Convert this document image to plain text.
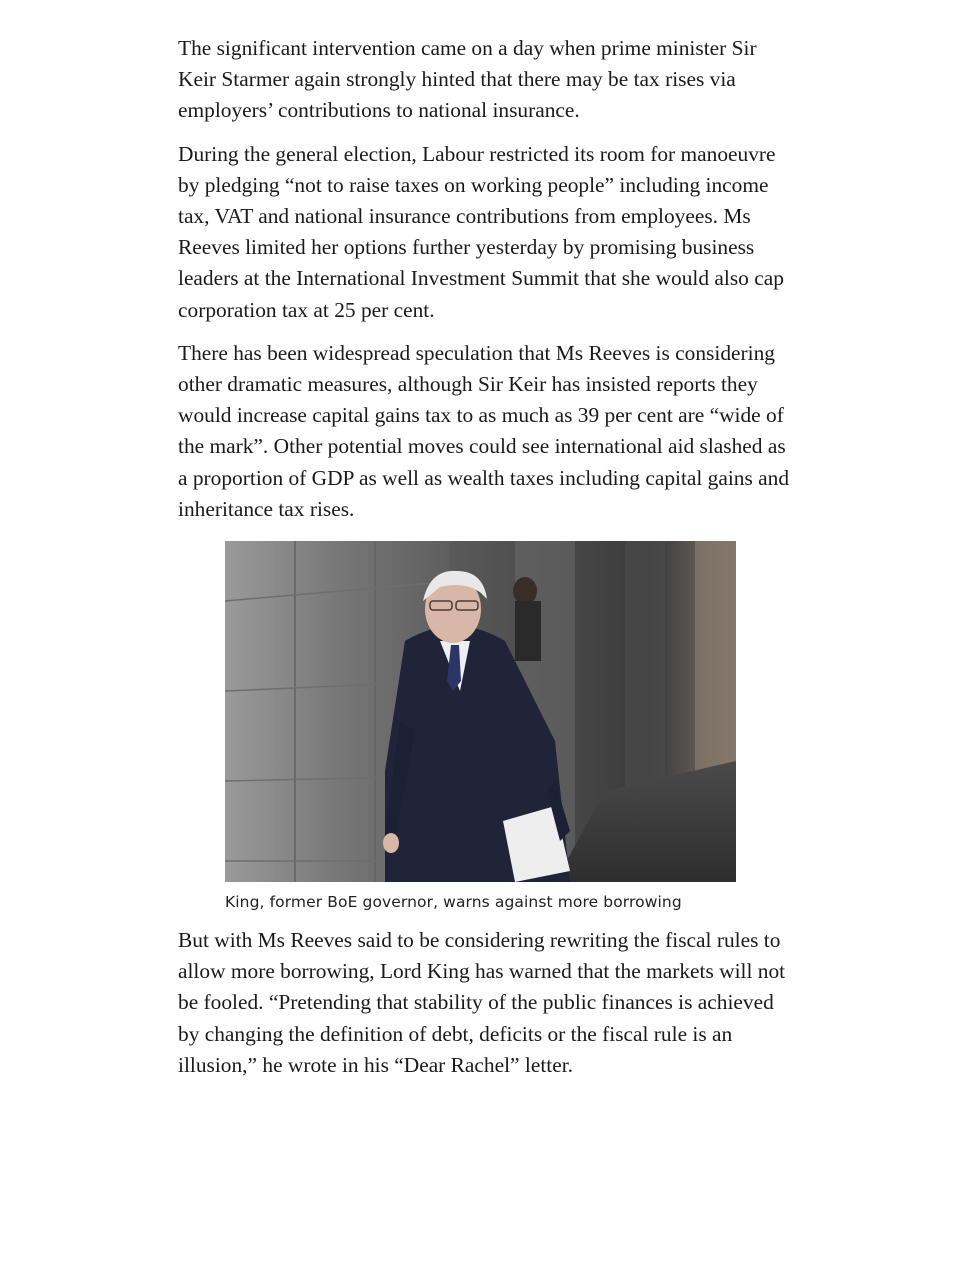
The significant intervention came on a day when prime minister Sir Keir Starmer again strongly hinted that there may be tax rises via employers’ contributions to national insurance.

During the general election, Labour restricted its room for manoeuvre by pledging “not to raise taxes on working people” including income tax, VAT and national insurance contributions from employees. Ms Reeves limited her options further yesterday by promising business leaders at the International Investment Summit that she would also cap corporation tax at 25 per cent.

There has been widespread speculation that Ms Reeves is considering other dramatic measures, although Sir Keir has insisted reports they would increase capital gains tax to as much as 39 per cent are “wide of the mark”. Other potential moves could see international aid slashed as a proportion of GDP as well as wealth taxes including capital gains and inheritance tax rises.

King, former BoE governor, warns against more borrowing

But with Ms Reeves said to be considering rewriting the fiscal rules to allow more borrowing, Lord King has warned that the markets will not be fooled. “Pretending that stability of the public finances is achieved by changing the definition of debt, deficits or the fiscal rule is an illusion,” he wrote in his “Dear Rachel” letter.
